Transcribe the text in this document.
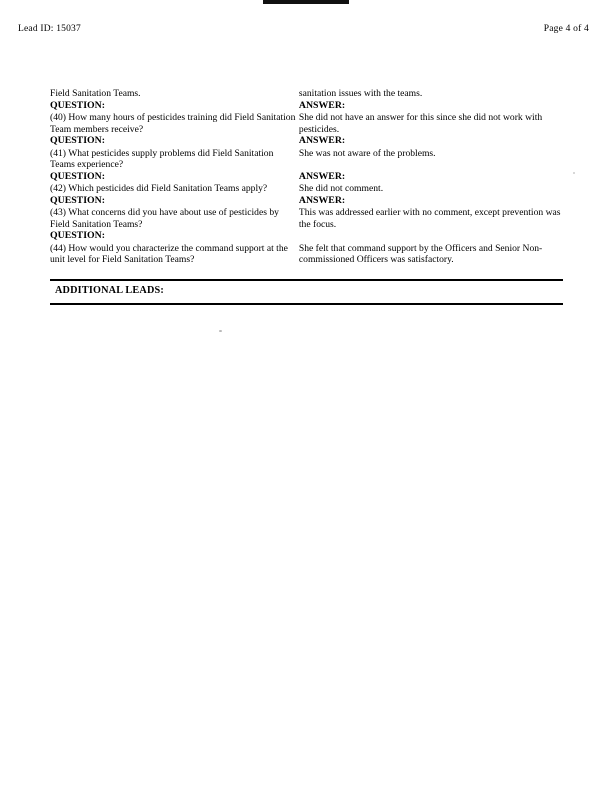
Lead ID: 15037	Page 4 of 4
Field Sanitation Teams.	sanitation issues with the teams.

QUESTION:	ANSWER:

(40) How many hours of pesticides training did Field Sanitation Team members receive?	She did not have an answer for this since she did not work with pesticides.

QUESTION:	ANSWER:

(41) What pesticides supply problems did Field Sanitation Teams experience?	She was not aware of the problems.

QUESTION:	ANSWER:

(42) Which pesticides did Field Sanitation Teams apply?	She did not comment.

QUESTION:	ANSWER:

(43) What concerns did you have about use of pesticides by Field Sanitation Teams?	This was addressed earlier with no comment, except prevention was the focus.

QUESTION:	

(44) How would you characterize the command support at the unit level for Field Sanitation Teams?	She felt that command support by the Officers and Senior Non-commissioned Officers was satisfactory.
ADDITIONAL LEADS:
